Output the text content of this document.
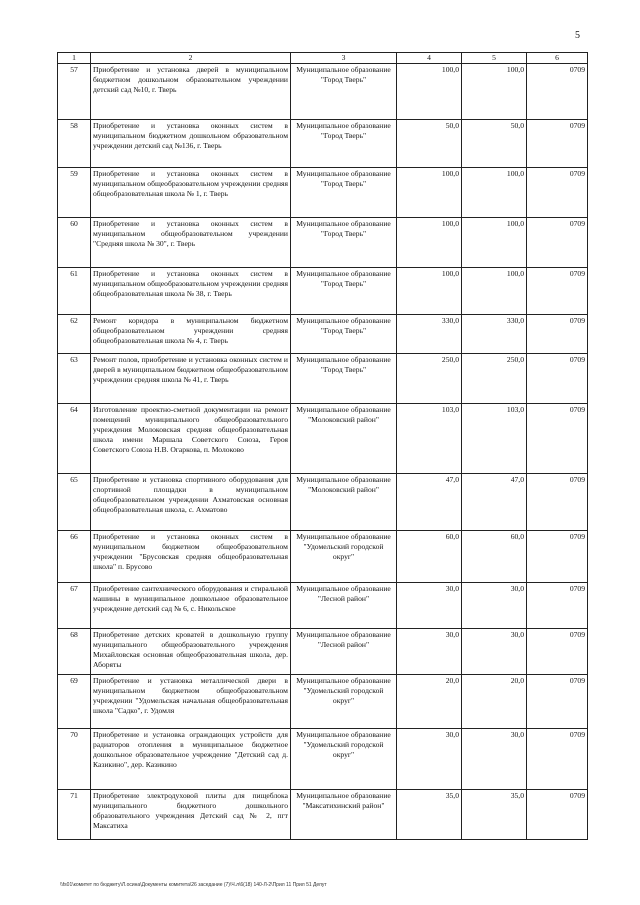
5
1	2	3	4	5	6
57	Приобретение и установка дверей в муниципальном бюджетном дошкольном образовательном учреждении детский сад №10, г. Тверь	Муниципальное образование "Город Тверь"	100,0	100,0	0709
58	Приобретение и установка оконных систем в муниципальном бюджетном дошкольном образовательном учреждении детский сад №136, г. Тверь	Муниципальное образование "Город Тверь"	50,0	50,0	0709
59	Приобретение и установка оконных систем в муниципальном общеобразовательном учреждении средняя общеобразовательная школа № 1, г. Тверь	Муниципальное образование "Город Тверь"	100,0	100,0	0709
60	Приобретение и установка оконных систем в муниципальном общеобразовательном учреждении "Средняя школа № 30", г. Тверь	Муниципальное образование "Город Тверь"	100,0	100,0	0709
61	Приобретение и установка оконных систем в муниципальном общеобразовательном учреждении средняя общеобразовательная школа № 38, г. Тверь	Муниципальное образование "Город Тверь"	100,0	100,0	0709
62	Ремонт коридора в муниципальном бюджетном общеобразовательном учреждении средняя общеобразовательная школа № 4, г. Тверь	Муниципальное образование "Город Тверь"	330,0	330,0	0709
63	Ремонт полов, приобретение и установка оконных систем и дверей в муниципальном бюджетном общеобразовательном учреждении средняя школа № 41, г. Тверь	Муниципальное образование "Город Тверь"	250,0	250,0	0709
64	Изготовление проектно-сметной документации на ремонт помещений муниципального общеобразовательного учреждения Молоковская средняя общеобразовательная школа имени Маршала Советского Союза, Героя Советского Союза Н.В. Огаркова, п. Молоково	Муниципальное образование "Молоковский район"	103,0	103,0	0709
65	Приобретение и установка спортивного оборудования для спортивной площадки в муниципальном общеобразовательном учреждении Ахматовская основная общеобразовательная школа, с. Ахматово	Муниципальное образование "Молоковский район"	47,0	47,0	0709
66	Приобретение и установка оконных систем в муниципальном бюджетном общеобразовательном учреждении "Брусовская средняя общеобразовательная школа" п. Брусово	Муниципальное образование "Удомельский городской округ"	60,0	60,0	0709
67	Приобретение сантехнического оборудования и стиральной машины в муниципальное дошкольное образовательное учреждение детский сад № 6, с. Никольское	Муниципальное образование "Лесной район"	30,0	30,0	0709
68	Приобретение детских кроватей в дошкольную группу муниципального общеобразовательного учреждения Михайловская основная общеобразовательная школа, дер. Аборяты	Муниципальное образование "Лесной район"	30,0	30,0	0709
69	Приобретение и установка металлической двери в муниципальном бюджетном общеобразовательном учреждении "Удомельская начальная общеобразовательная школа "Садко", г. Удомля	Муниципальное образование "Удомельский городской округ"	20,0	20,0	0709
70	Приобретение и установка ограждающих устройств для радиаторов отопления в муниципальное бюджетное дошкольное образовательное учреждение "Детский сад д. Казикино", дер. Казикино	Муниципальное образование "Удомельский городской округ"	30,0	30,0	0709
71	Приобретение электродуховой плиты для пищеблока муниципального бюджетного дошкольного образовательного учреждения Детский сад № 2, пгт Максатиха	Муниципальное образование "Максатихинский район"	35,0	35,0	0709
\\fs01\комитет по бюджету\Л.осина\Документы комитета\26 заседание (7)\Ч.л\6(18) 140-Л-2\Прил 11 Прил 51 Депут
